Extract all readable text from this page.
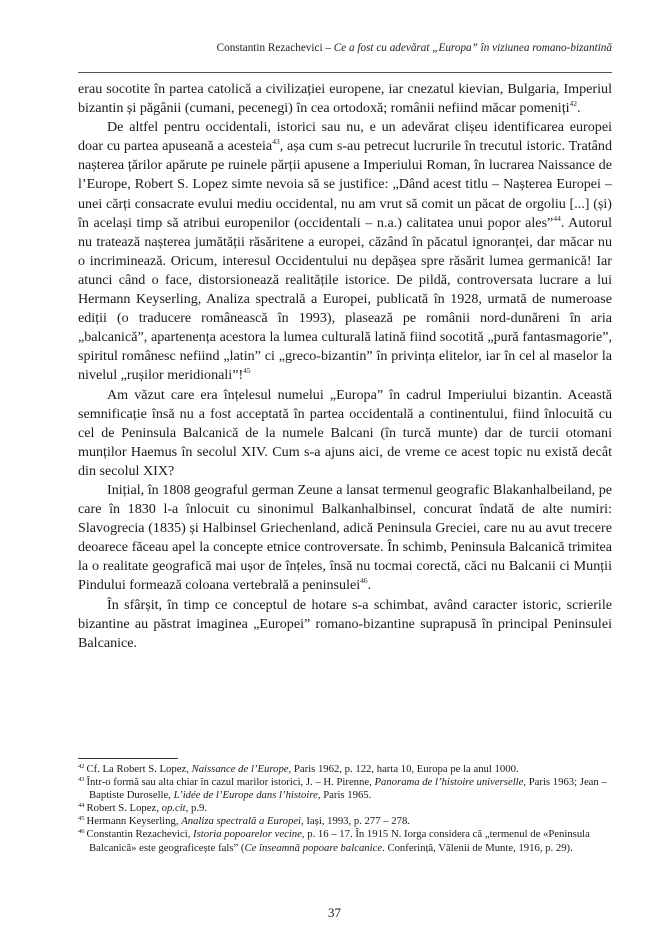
Constantin Rezachevici – Ce a fost cu adevărat „Europa” în viziunea romano-bizantină

erau socotite în partea catolică a civilizației europene, iar cnezatul kievian, Bulgaria, Imperiul bizantin și păgânii (cumani, pecenegi) în cea ortodoxă; românii nefiind măcar pomeniți$^{42}$.

De altfel pentru occidentali, istorici sau nu, e un adevărat clișeu identificarea europei doar cu partea apuseană a acesteia$^{43}$, așa cum s-au petrecut lucrurile în trecutul istoric. Tratând nașterea țărilor apărute pe ruinele părții apusene a Imperiului Roman, în lucrarea Naissance de l’Europe, Robert S. Lopez simte nevoia să se justifice: „Dând acest titlu – Nașterea Europei – unei cărți consacrate evului mediu occidental, nu am vrut să comit un păcat de orgoliu [...] (și) în același timp să atribui europenilor (occidentali – n.a.) calitatea unui popor ales”$^{44}$. Autorul nu tratează nașterea jumătății răsăritene a europei, căzând în păcatul ignoranței, dar măcar nu o incriminează. Oricum, interesul Occidentului nu depășea spre răsărit lumea germanică! Iar atunci când o face, distorsionează realitățile istorice. De pildă, controversata lucrare a lui Hermann Keyserling, Analiza spectrală a Europei, publicată în 1928, urmată de numeroase ediții (o traducere românească în 1993), plasează pe românii nord-dunăreni în aria „balcanică”, apartenența acestora la lumea culturală latină fiind socotită „pură fantasmagorie”, spiritul românesc nefiind „latin” ci „greco-bizantin” în privința elitelor, iar în cel al maselor la nivelul „rușilor meridionali”!$^{45}$

Am văzut care era înțelesul numelui „Europa” în cadrul Imperiului bizantin. Această semnificație însă nu a fost acceptată în partea occidentală a continentului, fiind înlocuită cu cel de Peninsula Balcanică de la numele Balcani (în turcă munte) dar de turcii otomani munților Haemus în secolul XIV. Cum s-a ajuns aici, de vreme ce acest topic nu există decât din secolul XIX?

Inițial, în 1808 geograful german Zeune a lansat termenul geografic Blakanhalbeiland, pe care în 1830 l-a înlocuit cu sinonimul Balkanhalbinsel, concurat îndată de alte numiri: Slavogrecia (1835) și Halbinsel Griechenland, adică Peninsula Greciei, care nu au avut trecere deoarece făceau apel la concepte etnice controversate. În schimb, Peninsula Balcanică trimitea la o realitate geografică mai ușor de înțeles, însă nu tocmai corectă, căci nu Balcanii ci Munții Pindului formează coloana vertebrală a peninsulei$^{46}$.

În sfârșit, în timp ce conceptul de hotare s-a schimbat, având caracter istoric, scrierile bizantine au păstrat imaginea „Europei” romano-bizantine suprapusă în principal Peninsulei Balcanice.

$^{42}$ Cf. La Robert S. Lopez, Naissance de l’Europe, Paris 1962, p. 122, harta 10, Europa pe la anul 1000.
$^{43}$ Într-o formă sau alta chiar în cazul marilor istorici, J. – H. Pirenne, Panorama de l’histoire universelle, Paris 1963; Jean – Baptiste Duroselle, L’idée de l’Europe dans l’histoire, Paris 1965.
$^{44}$ Robert S. Lopez, op.cit, p.9.
$^{45}$ Hermann Keyserling, Analiza spectrală a Europei, Iași, 1993, p. 277 – 278.
$^{46}$ Constantin Rezachevici, Istoria popoarelor vecine, p. 16 – 17. În 1915 N. Iorga considera că „termenul de «Peninsula Balcanică» este geograficește fals” (Ce înseamnă popoare balcanice. Conferință, Vălenii de Munte, 1916, p. 29).
37
